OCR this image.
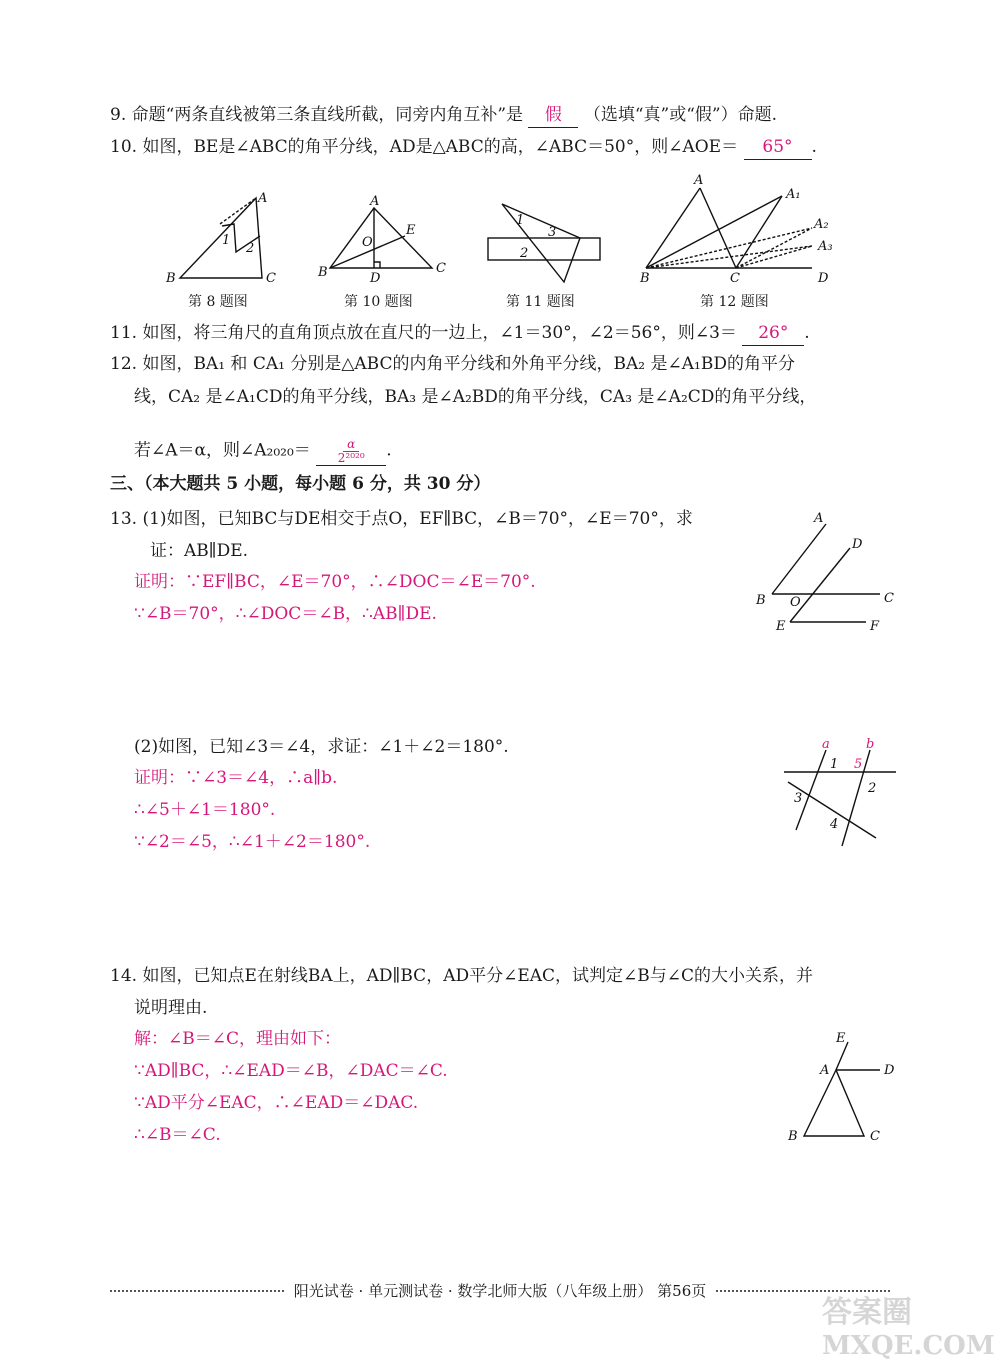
9. 命题“两条直线被第三条直线所截，同旁内角互补”是 假 （选填“真”或“假”）命题.
10. 如图，BE是∠ABC的角平分线，AD是△ABC的高，∠ABC＝50°，则∠AOE＝ 65° .
A
1
2
B	C
A
E
O
B	D
C
1
3
2
A
A₁
A₂
A₃
B	C	D
第 8 题图	第 10 题图	第 11 题图	第 12 题图
11. 如图，将三角尺的直角顶点放在直尺的一边上，∠1＝30°，∠2＝56°，则∠3＝ 26° .
12. 如图，BA₁ 和 CA₁ 分别是△ABC的内角平分线和外角平分线，BA₂ 是∠A₁BD的角平分
线，CA₂ 是∠A₁CD的角平分线，BA₃ 是∠A₂BD的角平分线，CA₃ 是∠A₂CD的角平分线，
若∠A＝α，则∠A₂₀₂₀＝ $\frac{\alpha}{\text{2²⁰²⁰}}$ .
三、（本大题共 5 小题，每小题 6 分，共 30 分）
13. (1)如图，已知BC与DE相交于点O，EF∥BC，∠B＝70°，∠E＝70°，求
证：AB∥DE.
证明：∵EF∥BC，∠E＝70°，∴∠DOC＝∠E＝70°.
∵∠B＝70°，∴∠DOC＝∠B，∴AB∥DE.
A
D
B O	C
E	F
(2)如图，已知∠3＝∠4，求证：∠1＋∠2＝180°.
证明：∵∠3＝∠4，∴a∥b.
∴∠5＋∠1＝180°.
∵∠2＝∠5，∴∠1＋∠2＝180°.
a	b
1 5
2
3
4
14. 如图，已知点E在射线BA上，AD∥BC，AD平分∠EAC，试判定∠B与∠C的大小关系，并
说明理由.
解：∠B＝∠C，理由如下：
∵AD∥BC，∴∠EAD＝∠B，∠DAC＝∠C.
∵AD平分∠EAC，∴∠EAD＝∠DAC.
∴∠B＝∠C.
E
A	D
B	C
阳光试卷 · 单元测试卷 · 数学北师大版（八年级上册） 第56页
答案圈
MXQE.COM
